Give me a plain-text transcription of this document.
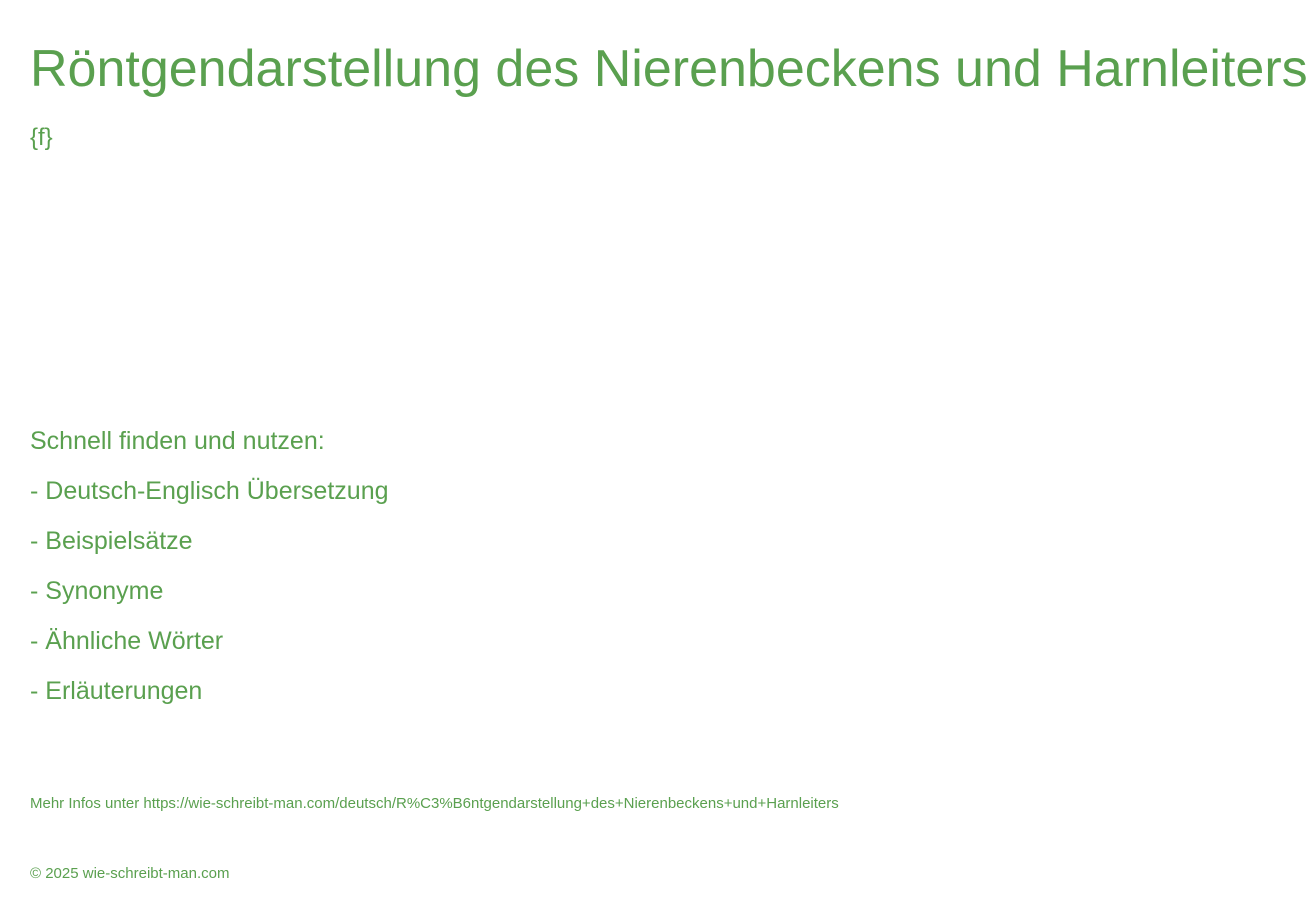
Röntgendarstellung des Nierenbeckens und Harnleiters
{f}
Schnell finden und nutzen:
- Deutsch-Englisch Übersetzung
- Beispielsätze
- Synonyme
- Ähnliche Wörter
- Erläuterungen
Mehr Infos unter https://wie-schreibt-man.com/deutsch/R%C3%B6ntgendarstellung+des+Nierenbeckens+und+Harnleiters
© 2025 wie-schreibt-man.com
